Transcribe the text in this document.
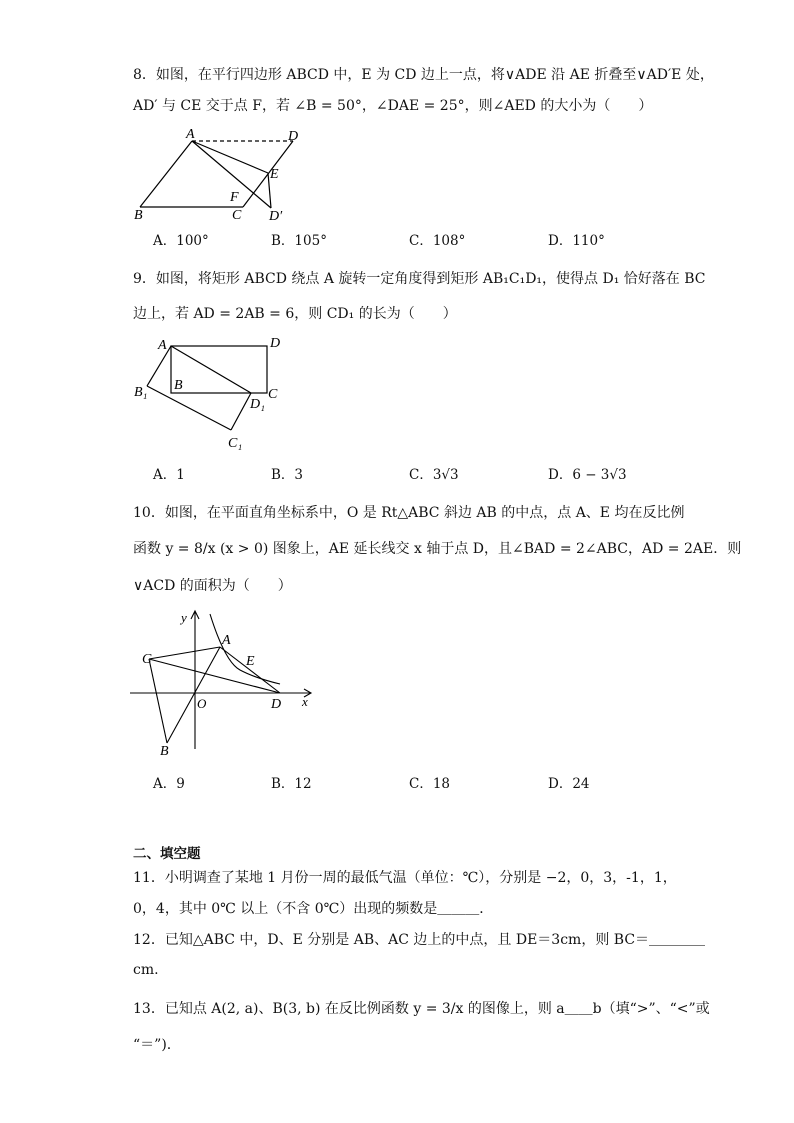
8．如图，在平行四边形 ABCD 中，E 为 CD 边上一点，将∨ADE 沿 AE 折叠至∨AD′E 处，
AD′ 与 CE 交于点 F，若 ∠B = 50°，∠DAE = 25°，则∠AED 的大小为（　　）
A	D
E
F
B	C D′
A．100°	B．105°	C．108°	D．110°
9．如图，将矩形 ABCD 绕点 A 旋转一定角度得到矩形 AB₁C₁D₁，使得点 D₁ 恰好落在 BC
边上，若 AD = 2AB = 6，则 CD₁ 的长为（　　）
A	D
B
C
B₁
D₁
C₁
A．1	B．3	C．3√3	D．6 − 3√3
10．如图，在平面直角坐标系中，O 是 Rt△ABC 斜边 AB 的中点，点 A、E 均在反比例
函数 y = 8/x (x > 0) 图象上，AE 延长线交 x 轴于点 D，且∠BAD = 2∠ABC，AD = 2AE．则
∨ACD 的面积为（　　）
y
x
A
E
C
O	D
B
A．9	B．12	C．18	D．24
二、填空题
11．小明调查了某地 1 月份一周的最低气温（单位：℃），分别是 −2，0，3，-1，1，
0，4，其中 0℃ 以上（不含 0℃）出现的频数是＿＿＿．
12．已知△ABC 中，D、E 分别是 AB、AC 边上的中点，且 DE＝3cm，则 BC＝＿＿＿＿
cm.
13．已知点 A(2, a)、B(3, b) 在反比例函数 y = 3/x 的图像上，则 a＿＿b（填“>”、“<”或
“＝”).
